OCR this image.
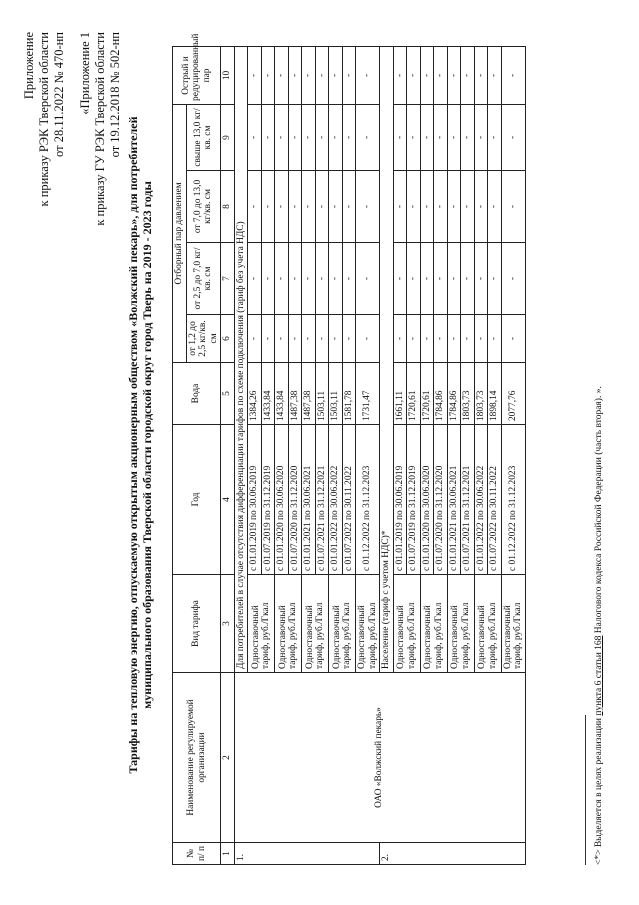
Приложение к приказу РЭК Тверской области от 28.11.2022 № 470-нп «Приложение 1 к приказу ГУ РЭК Тверской области от 19.12.2018 № 502-нп
Тарифы на тепловую энергию, отпускаемую открытым акционерным обществом «Волжский пекарь», для потребителей муниципального образования Тверской области городской округ город Тверь на 2019 - 2023 годы
№ п/ п	Наименование регулируемой организации	Вид тарифа	Год	Вода	Отборный пар давлением				Острый и редуцированный пар
					от 1,2 до 2,5 кг/кв. см	от 2,5 до 7,0 кг/кв. см	от 7,0 до 13,0 кг/кв. см	свыше 13,0 кг/кв. см	
1	2	3	4	5	6	7	8	9	10
1.	ОАО «Волжский пекарь»	Для потребителей в случае отсутствия дифференциации тарифов по схеме подключения (тариф без учета НДС)							
		Одноставочный тариф, руб./Гкал	с 01.01.2019 по 30.06.2019	1384,26	-	-	-	-	-
			с 01.07.2019 по 31.12.2019	1433,84	-	-	-	-	-
		Одноставочный тариф, руб./Гкал	с 01.01.2020 по 30.06.2020	1433,84	-	-	-	-	-
			с 01.07.2020 по 31.12.2020	1487,38	-	-	-	-	-
		Одноставочный тариф, руб./Гкал	с 01.01.2021 по 30.06.2021	1487,38	-	-	-	-	-
			с 01.07.2021 по 31.12.2021	1503,11	-	-	-	-	-
		Одноставочный тариф, руб./Гкал	с 01.01.2022 по 30.06.2022	1503,11	-	-	-	-	-
			с 01.07.2022 по 30.11.2022	1581,78	-	-	-	-	-
		Одноставочный тариф, руб./Гкал	с 01.12.2022 по 31.12.2023	1731,47	-	-	-	-	-
2.		Население (тариф с учетом НДС)*							
		Одноставочный тариф, руб./Гкал	с 01.01.2019 по 30.06.2019	1661,11	-	-	-	-	-
			с 01.07.2019 по 31.12.2019	1720,61	-	-	-	-	-
		Одноставочный тариф, руб./Гкал	с 01.01.2020 по 30.06.2020	1720,61	-	-	-	-	-
			с 01.07.2020 по 31.12.2020	1784,86	-	-	-	-	-
		Одноставочный тариф, руб./Гкал	с 01.01.2021 по 30.06.2021	1784,86	-	-	-	-	-
			с 01.07.2021 по 31.12.2021	1803,73	-	-	-	-	-
		Одноставочный тариф, руб./Гкал	с 01.01.2022 по 30.06.2022	1803,73	-	-	-	-	-
			с 01.07.2022 по 30.11.2022	1898,14	-	-	-	-	-
		Одноставочный тариф, руб./Гкал	с 01.12.2022 по 31.12.2023	2077,76	-	-	-	-	-
<*> Выделяется в целях реализации пункта 6 статьи 168 Налогового кодекса Российской Федерации (часть вторая). ».
